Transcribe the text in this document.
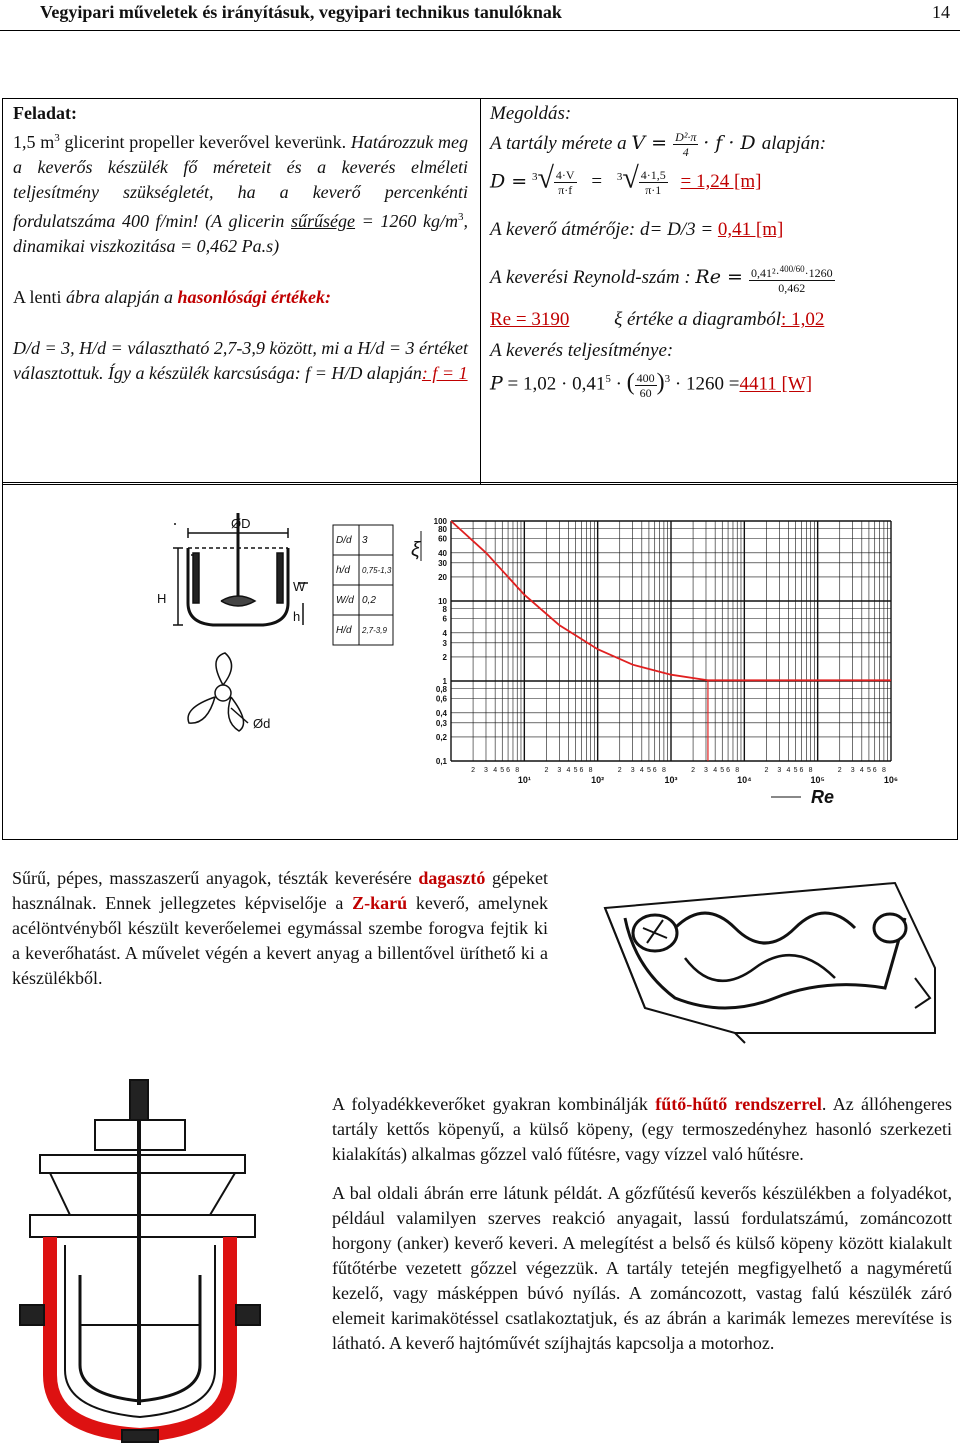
Vegyipari műveletek és irányításuk, vegyipari technikus tanulóknak	14
Feladat:
1,5 $m^3$ glicerint propeller keverővel keverünk. Határozzuk meg a keverős készülék fő méreteit és a keverés elméleti teljesítmény szükségletét, ha a keverő percenkénti fordulatszáma 400 f/min! (A glicerin sűrűsége = 1260 $kg/m^3$, dinamikai viszkozitása = 0,462 Pa.s)
A lenti ábra alapján a hasonlósági értékek:
D/d = 3, H/d = választható 2,7-3,9 között, mi a H/d = 3 értéket választottuk. Így a készülék karcsúsága: f = H/D alapján: f = 1
Megoldás:
A tartály mérete a $V = \frac{\text{D²·π}}{4} \cdot f \cdot D$ alapján:
$D = ^3√ \frac{4\cdot V}{\pi\cdot f} = ^3√ \frac{4\cdot 1,5}{\pi\cdot 1} = 1,24$ [m]
A keverő átmérője: d= D/3 = 0,41 [m]
A keverési Reynold-szám : $Re = \frac{0,41^2\cdot^{400/60}\cdot 1260}{0,462}$
Re = 3190 ξ értéke a diagramból: 1,02
A keverés teljesítménye:
$P = 1,02 \cdot 0,41^5$ · ( $\frac{400}{60} )^3 \cdot 1260 =4411$ [W]
ØD
H
W
h
Ød
D/d 3
h/d 0,75-1,3
W/d 0,2
H/d 2,7-3,9
100
80
60
40
30
20
10
8
6
4
3
2
1
0,8
0,6
0,4
0,3
0,2
0,1
10¹	10²	10³	10⁴	10⁵	10⁶
2 3 4 5 6 8	2 3 4 5 6 8	2 3 4 5 6 8	2 3 4 5 6 8	2 3 4 5 6 8	2 3 4 5 6 8
ξ
Re
Sűrű, pépes, masszaszerű anyagok, tészták keverésére dagasztó gépeket használnak. Ennek jellegzetes képviselője a Z-karú keverő, amelynek acélöntvényből készült keverőelemei egymással szembe forogva fejtik ki a keverőhatást. A művelet végén a kevert anyag a billentővel üríthető ki a készülékből.
A folyadékkeverőket gyakran kombinálják fűtő-hűtő rendszerrel. Az állóhengeres tartály kettős köpenyű, a külső köpeny, (egy termoszedényhez hasonló szerkezeti kialakítás) alkalmas gőzzel való fűtésre, vagy vízzel való hűtésre.
A bal oldali ábrán erre látunk példát. A gőzfűtésű keverős készülékben a folyadékot, például valamilyen szerves reakció anyagait, lassú fordulatszámú, zománcozott horgony (anker) keverő keveri. A melegítést a belső és külső köpeny között kialakult fűtőtérbe vezetett gőzzel végezzük. A tartály tetején megfigyelhető a nagyméretű kezelő, vagy másképpen búvó nyílás. A zománcozott, vastag falú készülék záró elemeit karimakötéssel csatlakoztatjuk, és az ábrán a karimák lemezes merevítése is látható. A keverő hajtóművét szíjhajtás kapcsolja a motorhoz.
